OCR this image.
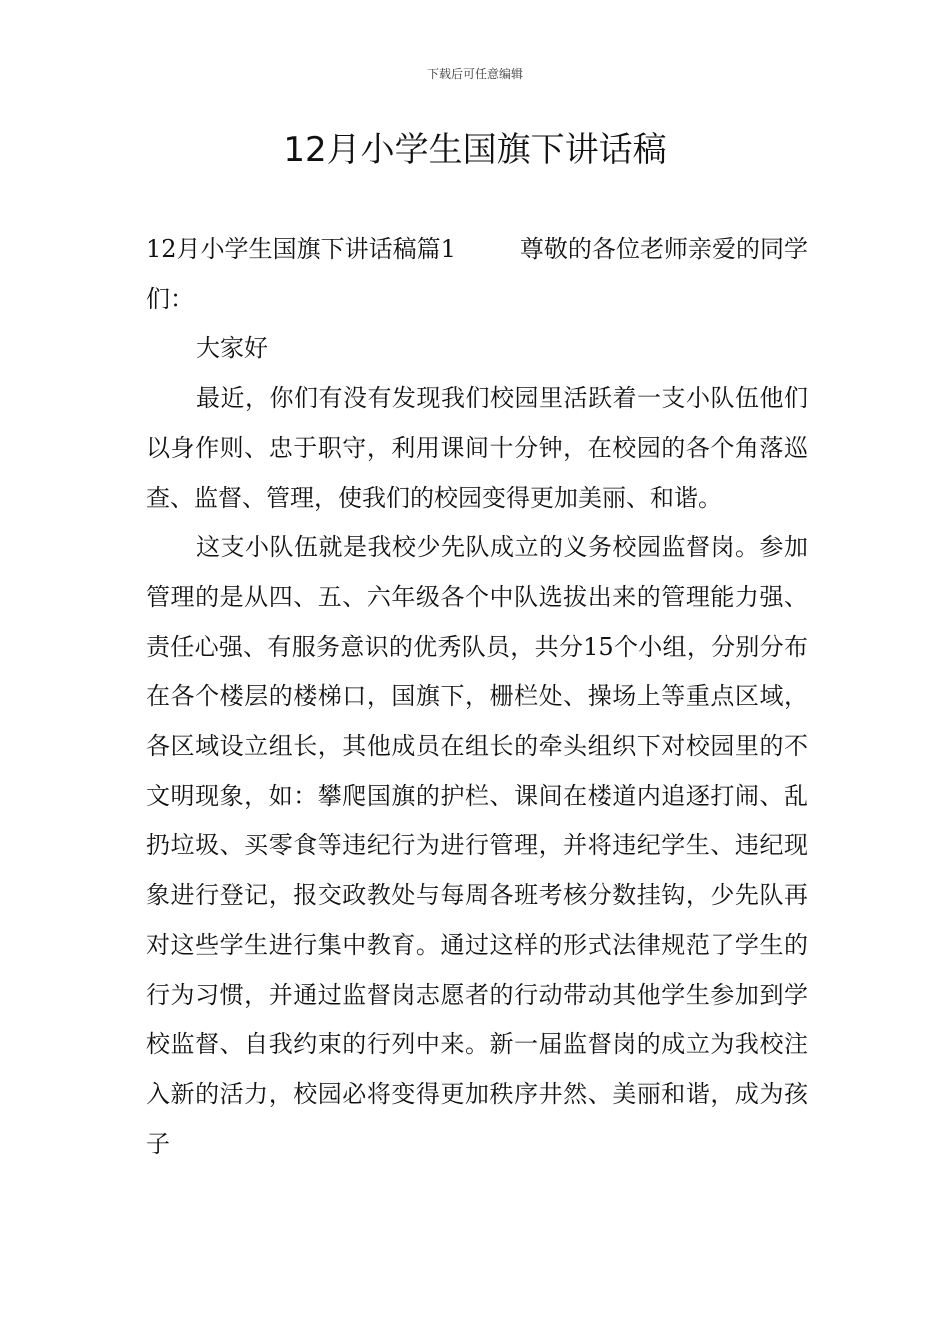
下载后可任意编辑
12月小学生国旗下讲话稿

12月小学生国旗下讲话稿篇1	尊敬的各位老师亲爱的同学们：

大家好

最近，你们有没有发现我们校园里活跃着一支小队伍他们以身作则、忠于职守，利用课间十分钟，在校园的各个角落巡查、监督、管理，使我们的校园变得更加美丽、和谐。

这支小队伍就是我校少先队成立的义务校园监督岗。参加管理的是从四、五、六年级各个中队选拔出来的管理能力强、责任心强、有服务意识的优秀队员，共分15个小组，分别分布在各个楼层的楼梯口，国旗下，栅栏处、操场上等重点区域，各区域设立组长，其他成员在组长的牵头组织下对校园里的不文明现象，如：攀爬国旗的护栏、课间在楼道内追逐打闹、乱扔垃圾、买零食等违纪行为进行管理，并将违纪学生、违纪现象进行登记，报交政教处与每周各班考核分数挂钩，少先队再对这些学生进行集中教育。通过这样的形式法律规范了学生的行为习惯，并通过监督岗志愿者的行动带动其他学生参加到学校监督、自我约束的行列中来。新一届监督岗的成立为我校注入新的活力，校园必将变得更加秩序井然、美丽和谐，成为孩子
